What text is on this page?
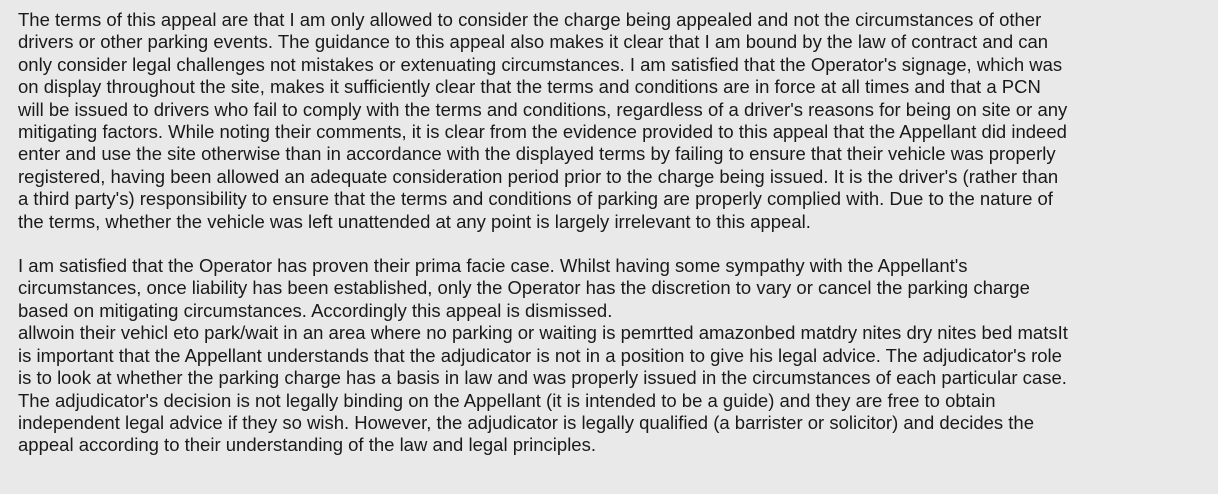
The terms of this appeal are that I am only allowed to consider the charge being appealed and not the circumstances of other
drivers or other parking events. The guidance to this appeal also makes it clear that I am bound by the law of contract and can
only consider legal challenges not mistakes or extenuating circumstances. I am satisfied that the Operator's signage, which was
on display throughout the site, makes it sufficiently clear that the terms and conditions are in force at all times and that a PCN
will be issued to drivers who fail to comply with the terms and conditions, regardless of a driver's reasons for being on site or any
mitigating factors. While noting their comments, it is clear from the evidence provided to this appeal that the Appellant did indeed
enter and use the site otherwise than in accordance with the displayed terms by failing to ensure that their vehicle was properly
registered, having been allowed an adequate consideration period prior to the charge being issued. It is the driver's (rather than
a third party's) responsibility to ensure that the terms and conditions of parking are properly complied with. Due to the nature of
the terms, whether the vehicle was left unattended at any point is largely irrelevant to this appeal.

I am satisfied that the Operator has proven their prima facie case. Whilst having some sympathy with the Appellant's
circumstances, once liability has been established, only the Operator has the discretion to vary or cancel the parking charge
based on mitigating circumstances. Accordingly this appeal is dismissed.
allwoin their vehicl eto park/wait in an area where no parking or waiting is pemrtted amazonbed matdry nites dry nites bed matsIt
is important that the Appellant understands that the adjudicator is not in a position to give his legal advice. The adjudicator's role
is to look at whether the parking charge has a basis in law and was properly issued in the circumstances of each particular case.
The adjudicator's decision is not legally binding on the Appellant (it is intended to be a guide) and they are free to obtain
independent legal advice if they so wish. However, the adjudicator is legally qualified (a barrister or solicitor) and decides the
appeal according to their understanding of the law and legal principles.
